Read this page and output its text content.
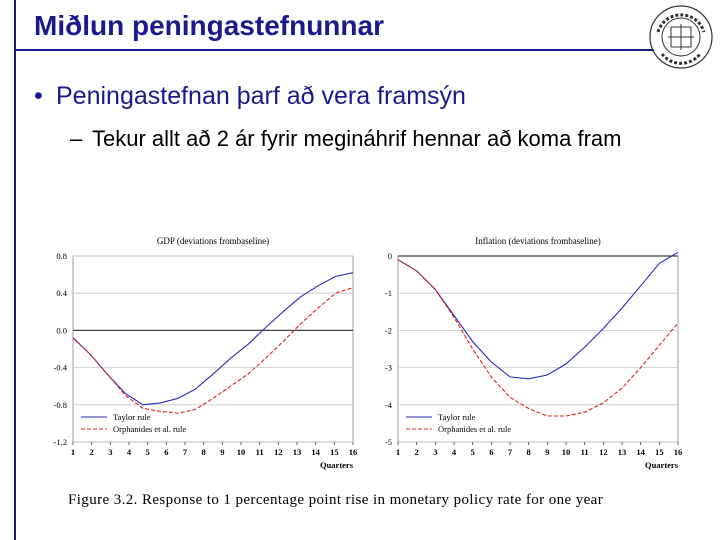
Miðlun peningastefnunnar
• Peningastefnan þarf að vera framsýn
– Tekur allt að 2 ár fyrir megináhrif hennar að koma fram
GDP (deviations frombaseline)
0.8
0.4
0.0
-0.4
-0.8
-1.2
1 2 3 4 5 6 7 8 9 10 11 12 13 14 15 16
Quarters
Taylor rule
Orphanides et al. rule
Inflation (deviations frombaseline)
0
-1
-2
-3
-4
-5
1 2 3 4 5 6 7 8 9 10 11 12 13 14 15 16
Quarters
Taylor rule
Orphanides et al. rule
Figure 3.2. Response to 1 percentage point rise in monetary policy rate for one year
